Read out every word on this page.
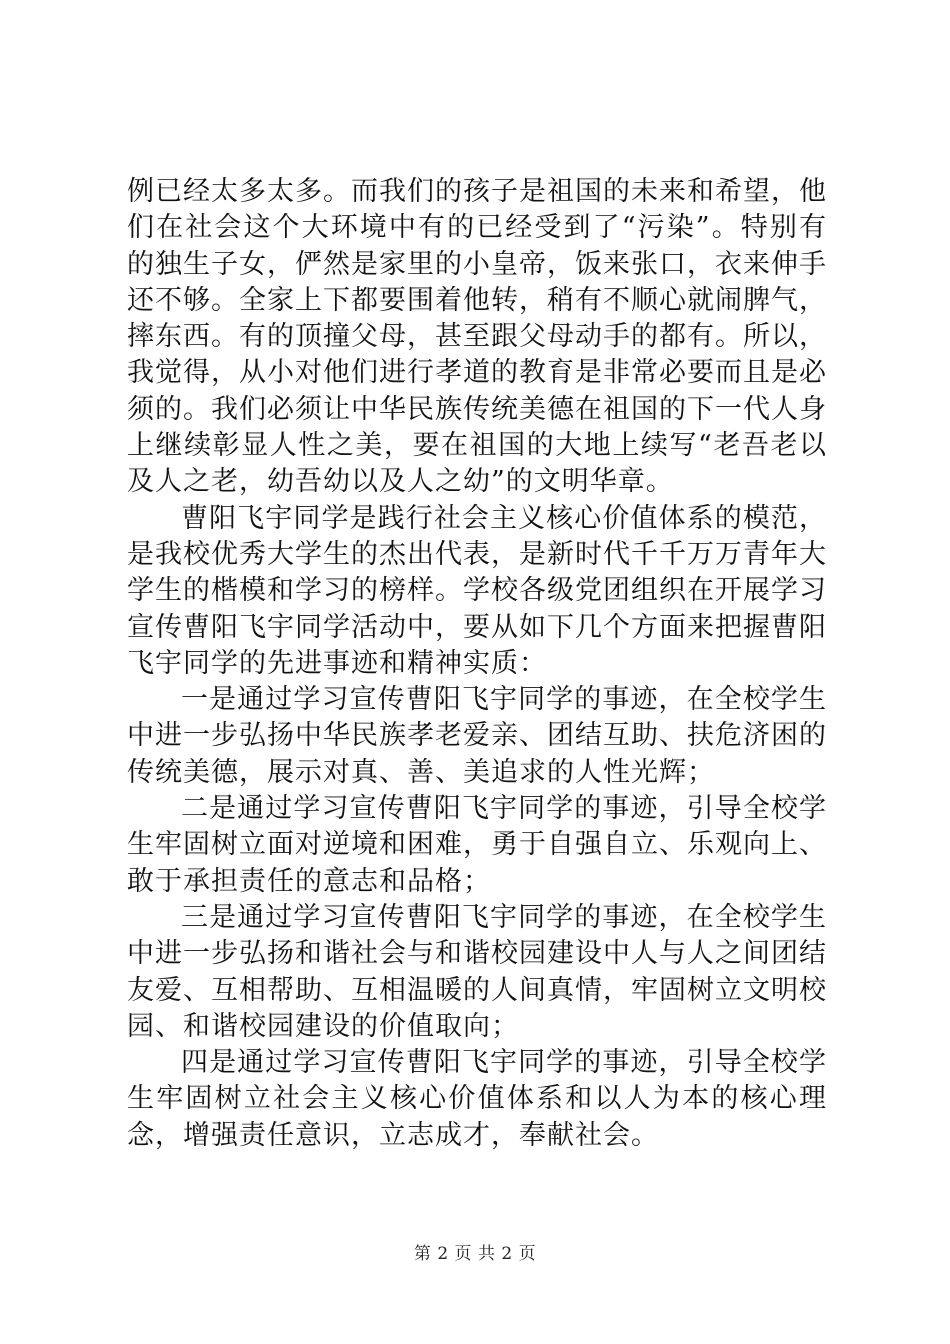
例已经太多太多。而我们的孩子是祖国的未来和希望，他们在社会这个大环境中有的已经受到了“污染”。特别有的独生子女，俨然是家里的小皇帝，饭来张口，衣来伸手还不够。全家上下都要围着他转，稍有不顺心就闹脾气，摔东西。有的顶撞父母，甚至跟父母动手的都有。所以，我觉得，从小对他们进行孝道的教育是非常必要而且是必须的。我们必须让中华民族传统美德在祖国的下一代人身上继续彰显人性之美，要在祖国的大地上续写“老吾老以及人之老，幼吾幼以及人之幼”的文明华章。

曹阳飞宇同学是践行社会主义核心价值体系的模范，是我校优秀大学生的杰出代表，是新时代千千万万青年大学生的楷模和学习的榜样。学校各级党团组织在开展学习宣传曹阳飞宇同学活动中，要从如下几个方面来把握曹阳飞宇同学的先进事迹和精神实质：

一是通过学习宣传曹阳飞宇同学的事迹，在全校学生中进一步弘扬中华民族孝老爱亲、团结互助、扶危济困的传统美德，展示对真、善、美追求的人性光辉；

二是通过学习宣传曹阳飞宇同学的事迹，引导全校学生牢固树立面对逆境和困难，勇于自强自立、乐观向上、敢于承担责任的意志和品格；

三是通过学习宣传曹阳飞宇同学的事迹，在全校学生中进一步弘扬和谐社会与和谐校园建设中人与人之间团结友爱、互相帮助、互相温暖的人间真情，牢固树立文明校园、和谐校园建设的价值取向；

四是通过学习宣传曹阳飞宇同学的事迹，引导全校学生牢固树立社会主义核心价值体系和以人为本的核心理念，增强责任意识，立志成才，奉献社会。

第 2 页 共 2 页
